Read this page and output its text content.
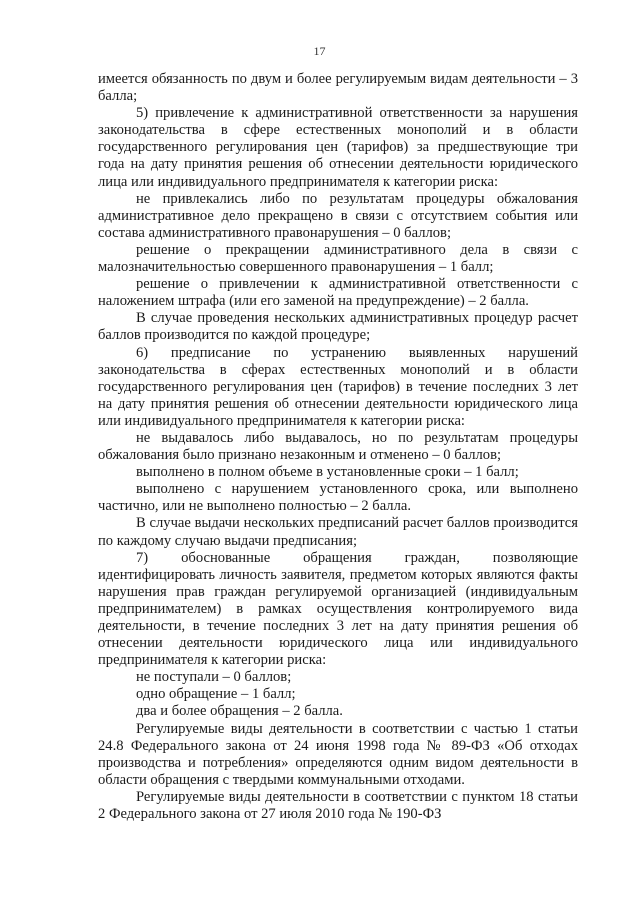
17

имеется обязанность по двум и более регулируемым видам деятельности – 3 балла;

5) привлечение к административной ответственности за нарушения законодательства в сфере естественных монополий и в области государственного регулирования цен (тарифов) за предшествующие три года на дату принятия решения об отнесении деятельности юридического лица или индивидуального предпринимателя к категории риска:

не привлекались либо по результатам процедуры обжалования административное дело прекращено в связи с отсутствием события или состава административного правонарушения – 0 баллов;

решение о прекращении административного дела в связи с малозначительностью совершенного правонарушения – 1 балл;

решение о привлечении к административной ответственности с наложением штрафа (или его заменой на предупреждение) – 2 балла.

В случае проведения нескольких административных процедур расчет баллов производится по каждой процедуре;

6) предписание по устранению выявленных нарушений законодательства в сферах естественных монополий и в области государственного регулирования цен (тарифов) в течение последних 3 лет на дату принятия решения об отнесении деятельности юридического лица или индивидуального предпринимателя к категории риска:

не выдавалось либо выдавалось, но по результатам процедуры обжалования было признано незаконным и отменено – 0 баллов;

выполнено в полном объеме в установленные сроки – 1 балл;

выполнено с нарушением установленного срока, или выполнено частично, или не выполнено полностью – 2 балла.

В случае выдачи нескольких предписаний расчет баллов производится по каждому случаю выдачи предписания;

7) обоснованные обращения граждан, позволяющие идентифицировать личность заявителя, предметом которых являются факты нарушения прав граждан регулируемой организацией (индивидуальным предпринимателем) в рамках осуществления контролируемого вида деятельности, в течение последних 3 лет на дату принятия решения об отнесении деятельности юридического лица или индивидуального предпринимателя к категории риска:

не поступали – 0 баллов;

одно обращение – 1 балл;

два и более обращения – 2 балла.

Регулируемые виды деятельности в соответствии с частью 1 статьи 24.8 Федерального закона от 24 июня 1998 года № 89-ФЗ «Об отходах производства и потребления» определяются одним видом деятельности в области обращения с твердыми коммунальными отходами.

Регулируемые виды деятельности в соответствии с пунктом 18 статьи 2 Федерального закона от 27 июля 2010 года № 190-ФЗ
